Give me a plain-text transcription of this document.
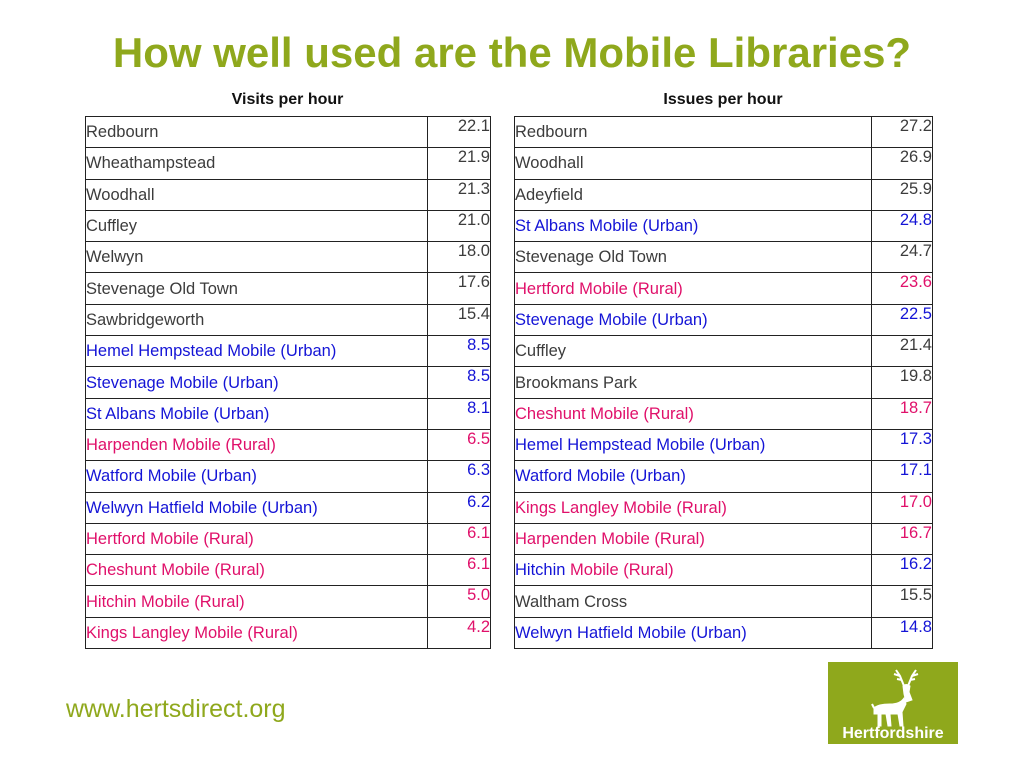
How well used are the Mobile Libraries?
Visits per hour
Redbourn	22.1
Wheathampstead	21.9
Woodhall	21.3
Cuffley	21.0
Welwyn	18.0
Stevenage Old Town	17.6
Sawbridgeworth	15.4
Hemel Hempstead Mobile (Urban)	8.5
Stevenage Mobile (Urban)	8.5
St Albans Mobile (Urban)	8.1
Harpenden Mobile (Rural)	6.5
Watford Mobile (Urban)	6.3
Welwyn Hatfield Mobile (Urban)	6.2
Hertford Mobile (Rural)	6.1
Cheshunt Mobile (Rural)	6.1
Hitchin Mobile (Rural)	5.0
Kings Langley Mobile (Rural)	4.2
Issues per hour
Redbourn	27.2
Woodhall	26.9
Adeyfield	25.9
St Albans Mobile (Urban)	24.8
Stevenage Old Town	24.7
Hertford Mobile (Rural)	23.6
Stevenage Mobile (Urban)	22.5
Cuffley	21.4
Brookmans Park	19.8
Cheshunt Mobile (Rural)	18.7
Hemel Hempstead Mobile (Urban)	17.3
Watford Mobile (Urban)	17.1
Kings Langley Mobile (Rural)	17.0
Harpenden Mobile (Rural)	16.7
Hitchin Mobile (Rural)	16.2
Waltham Cross	15.5
Welwyn Hatfield Mobile (Urban)	14.8
www.hertsdirect.org
Hertfordshire
